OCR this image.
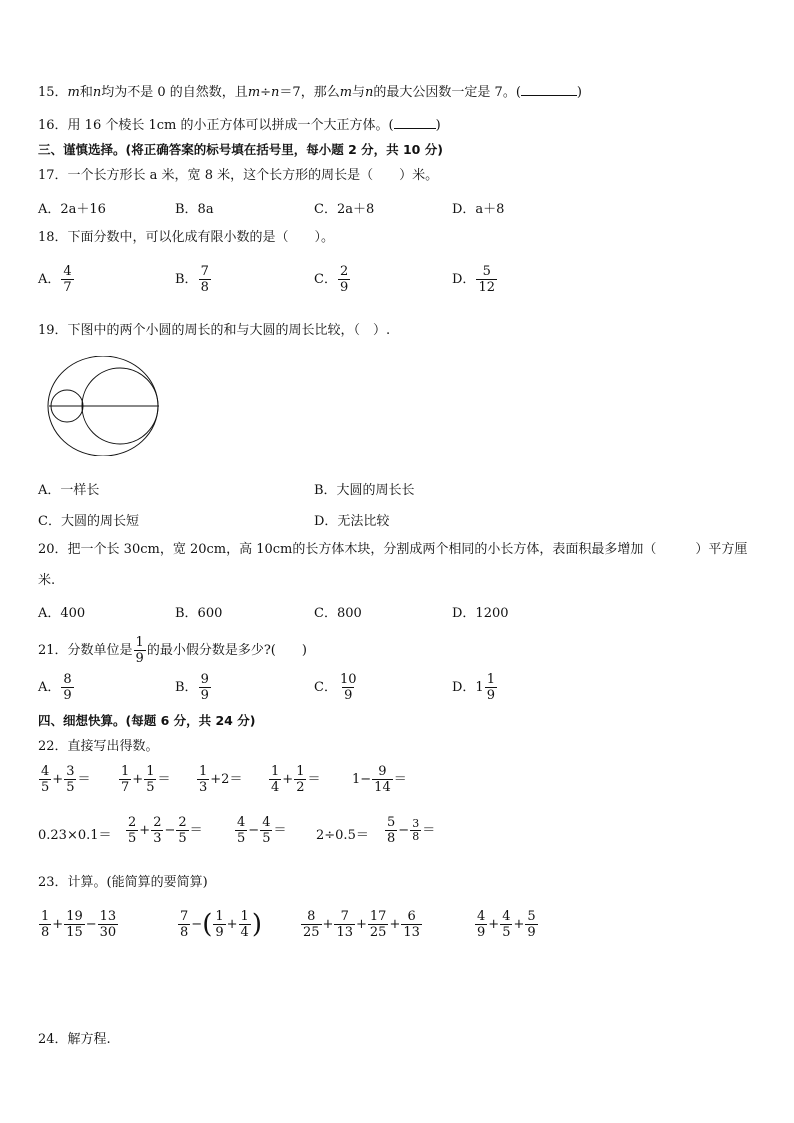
15．m和n均为不是 0 的自然数，且m÷n＝7，那么m与n的最大公因数一定是 7。(	)
16．用 16 个棱长 1cm 的小正方体可以拼成一个大正方体。(	)
三、谨慎选择。(将正确答案的标号填在括号里，每小题 2 分，共 10 分)
17．一个长方形长 a 米，宽 8 米，这个长方形的周长是（　　）米。
A．2a＋16	B．8a	C．2a＋8	D．a＋8
18．下面分数中，可以化成有限小数的是（　　）。
A． $\frac{4}{7}$	B． $\frac{7}{8}$	C． $\frac{2}{9}$	D． $\frac{5}{12}$
19．下图中的两个小圆的周长的和与大圆的周长比较，（　）.
A．一样长	B．大圆的周长长
C．大圆的周长短	D．无法比较
20．把一个长 30cm，宽 20cm，高 10cm的长方体木块，分割成两个相同的小长方体，表面积最多增加（　　　）平方厘
米.
A．400	B．600	C．800	D．1200
21．分数单位是 $\frac{1}{9}$ 的最小假分数是多少?(　　)
A． $\frac{8}{9}$	B． $\frac{9}{9}$	C． $\frac{10}{9}$	D．$1 \frac{1}{9}$
四、细想快算。(每题 6 分，共 24 分)
22．直接写出得数。
$\frac{4}{5} + \frac{3}{5} = \frac{1}{7} + \frac{1}{5} = \frac{1}{3} +2= \frac{1}{4} + \frac{1}{2} = 1- \frac{9}{14}$ ＝
$0.23\times 0.1= \frac{2}{5} + \frac{2}{3} - \frac{2}{5} = \frac{4}{5} - \frac{4}{5} = 2\div 0.5= \frac{5}{8} - \frac{3}{8}$ ＝
23．计算。(能简算的要简算)
$\frac{1}{8} + \frac{19}{15} - \frac{13}{30}$	$\frac{7}{8}$ −( $\frac{1}{9} + \frac{1}{4}$ )	$\frac{8}{25} + \frac{7}{13} + \frac{17}{25} + \frac{6}{13}$	$\frac{4}{9} + \frac{4}{5} + \frac{5}{9}$
24．解方程.
